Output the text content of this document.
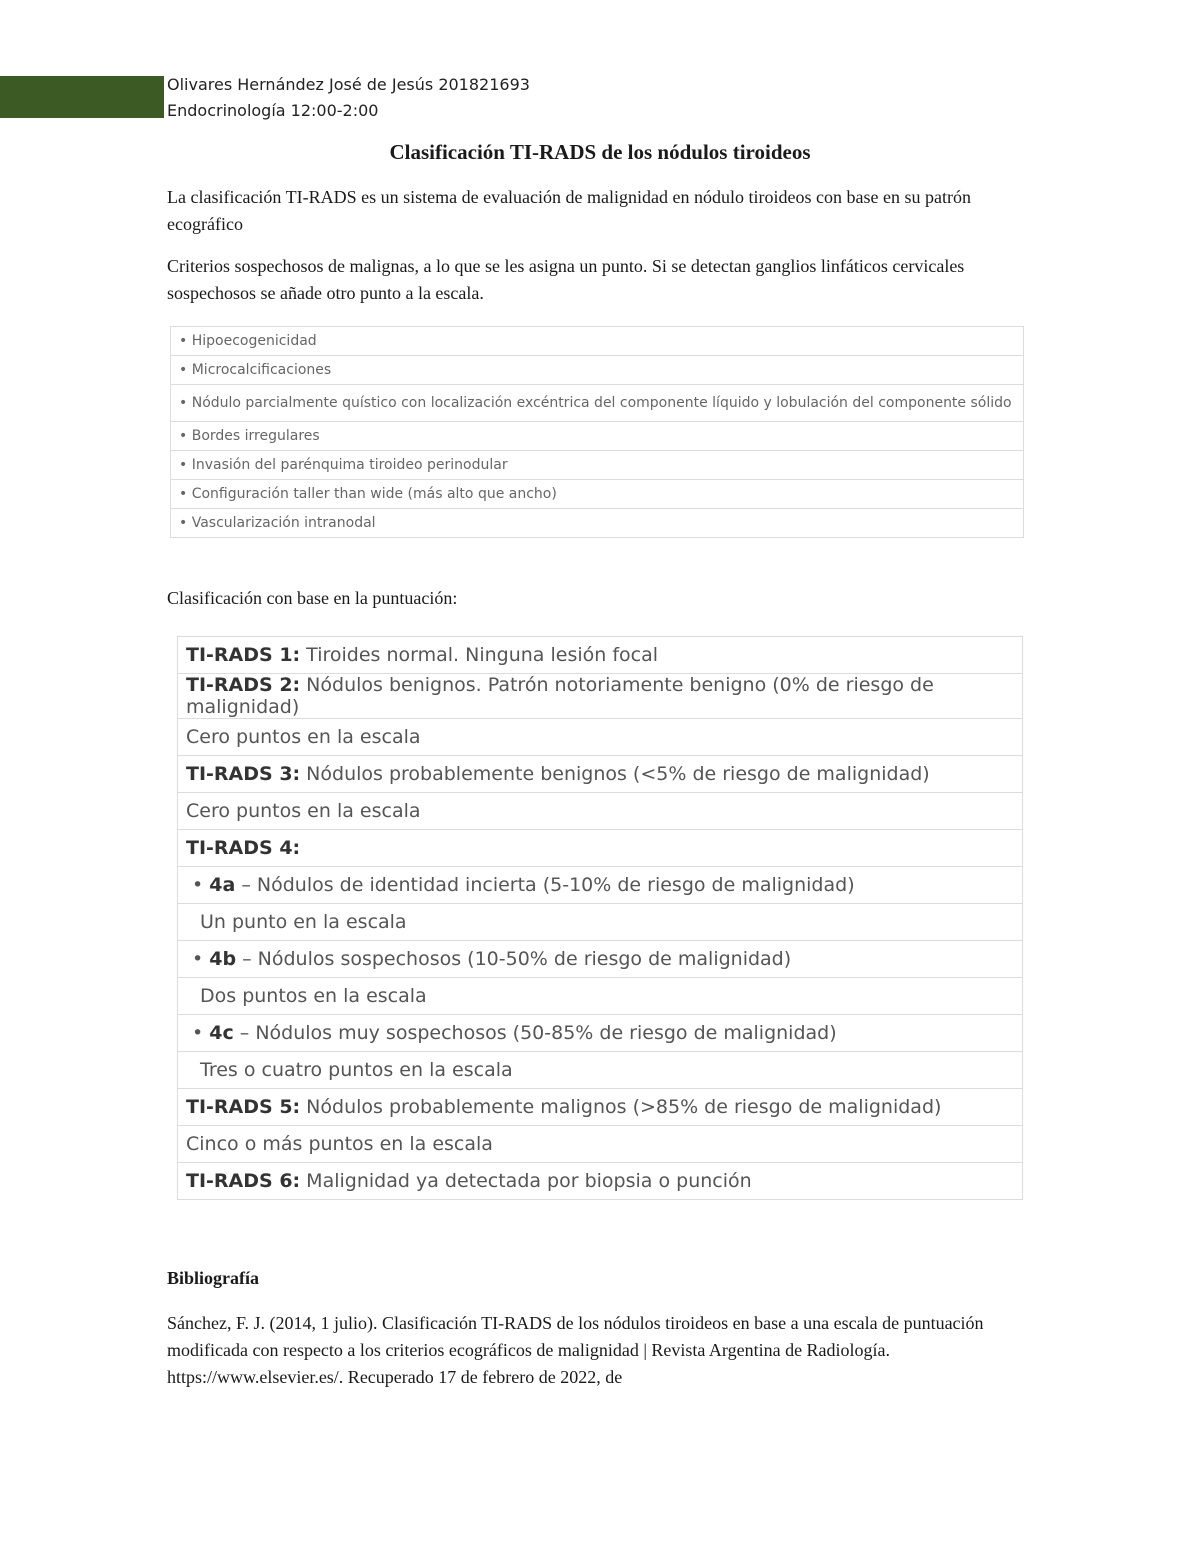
Olivares Hernández José de Jesús 201821693
Endocrinología 12:00-2:00
Clasificación TI-RADS de los nódulos tiroideos
La clasificación TI-RADS es un sistema de evaluación de malignidad en nódulo tiroideos con base en su patrón ecográfico
Criterios sospechosos de malignas, a lo que se les asigna un punto. Si se detectan ganglios linfáticos cervicales sospechosos se añade otro punto a la escala.
• Hipoecogenicidad
• Microcalcificaciones
• Nódulo parcialmente quístico con localización excéntrica del componente líquido y lobulación del componente sólido
• Bordes irregulares
• Invasión del parénquima tiroideo perinodular
• Configuración taller than wide (más alto que ancho)
• Vascularización intranodal
Clasificación con base en la puntuación:
TI-RADS 1: Tiroides normal. Ninguna lesión focal
TI-RADS 2: Nódulos benignos. Patrón notoriamente benigno (0% de riesgo de malignidad)
Cero puntos en la escala
TI-RADS 3: Nódulos probablemente benignos (<5% de riesgo de malignidad)
Cero puntos en la escala
TI-RADS 4:
• 4a – Nódulos de identidad incierta (5-10% de riesgo de malignidad)
Un punto en la escala
• 4b – Nódulos sospechosos (10-50% de riesgo de malignidad)
Dos puntos en la escala
• 4c – Nódulos muy sospechosos (50-85% de riesgo de malignidad)
Tres o cuatro puntos en la escala
TI-RADS 5: Nódulos probablemente malignos (>85% de riesgo de malignidad)
Cinco o más puntos en la escala
TI-RADS 6: Malignidad ya detectada por biopsia o punción
Bibliografía
Sánchez, F. J. (2014, 1 julio). Clasificación TI-RADS de los nódulos tiroideos en base a una escala de puntuación modificada con respecto a los criterios ecográficos de malignidad | Revista Argentina de Radiología. https://www.elsevier.es/. Recuperado 17 de febrero de 2022, de
